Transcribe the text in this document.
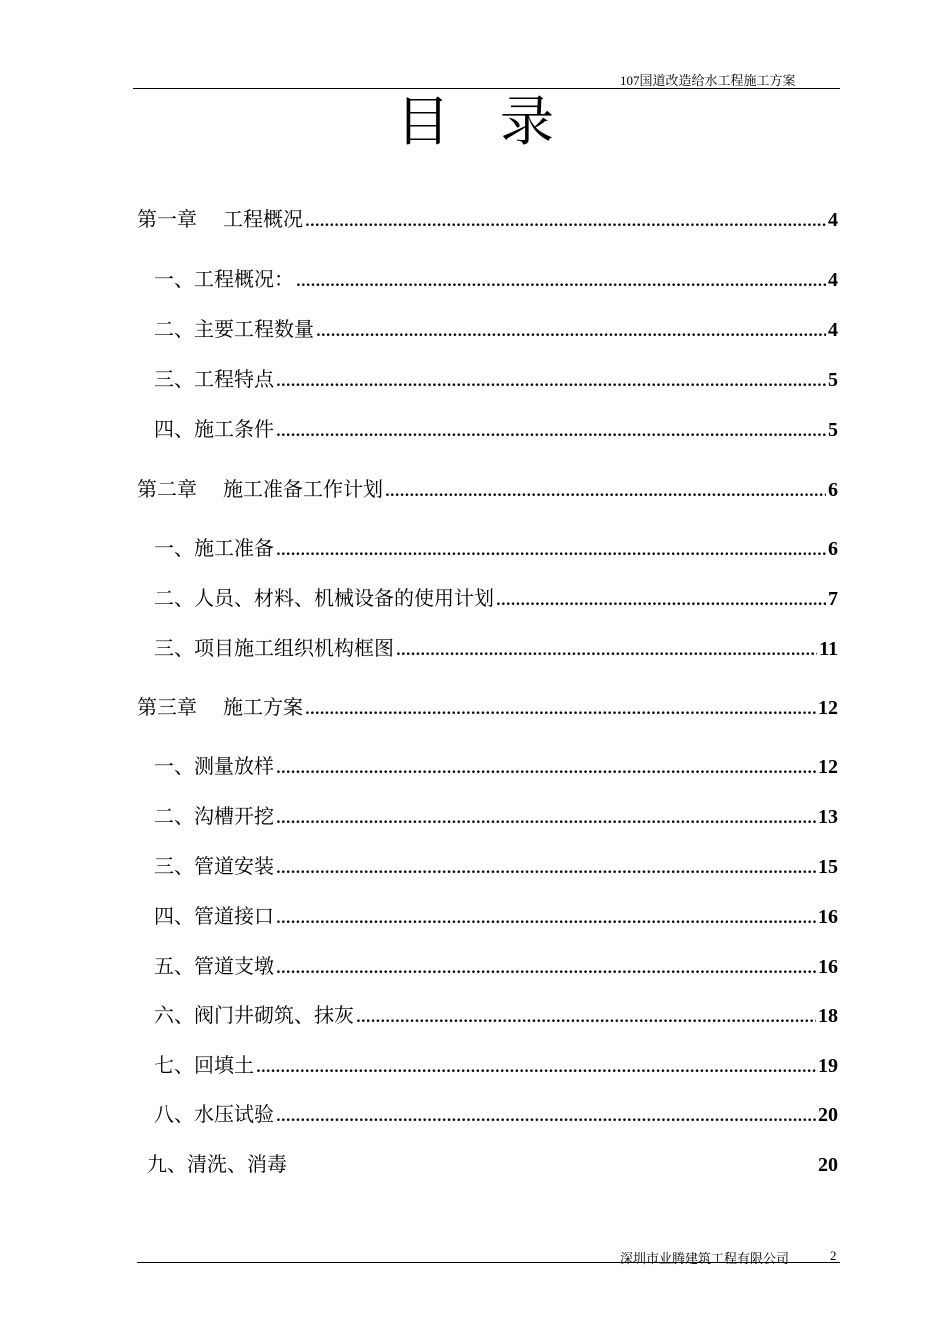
107国道改造给水工程施工方案
目录
第一章 工程概况 .....	4
一、工程概况： .....	4
二、主要工程数量 .....	4
三、工程特点 .....	5
四、施工条件 .....	5
第二章 施工准备工作计划 .....	6
一、施工准备 .....	6
二、人员、材料、机械设备的使用计划 .....	7
三、项目施工组织机构框图 .....	11
第三章 施工方案 .....	12
一、测量放样 .....	12
二、沟槽开挖 .....	13
三、管道安装 .....	15
四、管道接口 .....	16
五、管道支墩 .....	16
六、阀门井砌筑、抹灰 .....	18
七、回填土 .....	19
八、水压试验 .....	20
九、清洗、消毒	20
深圳市业腾建筑工程有限公司	2
